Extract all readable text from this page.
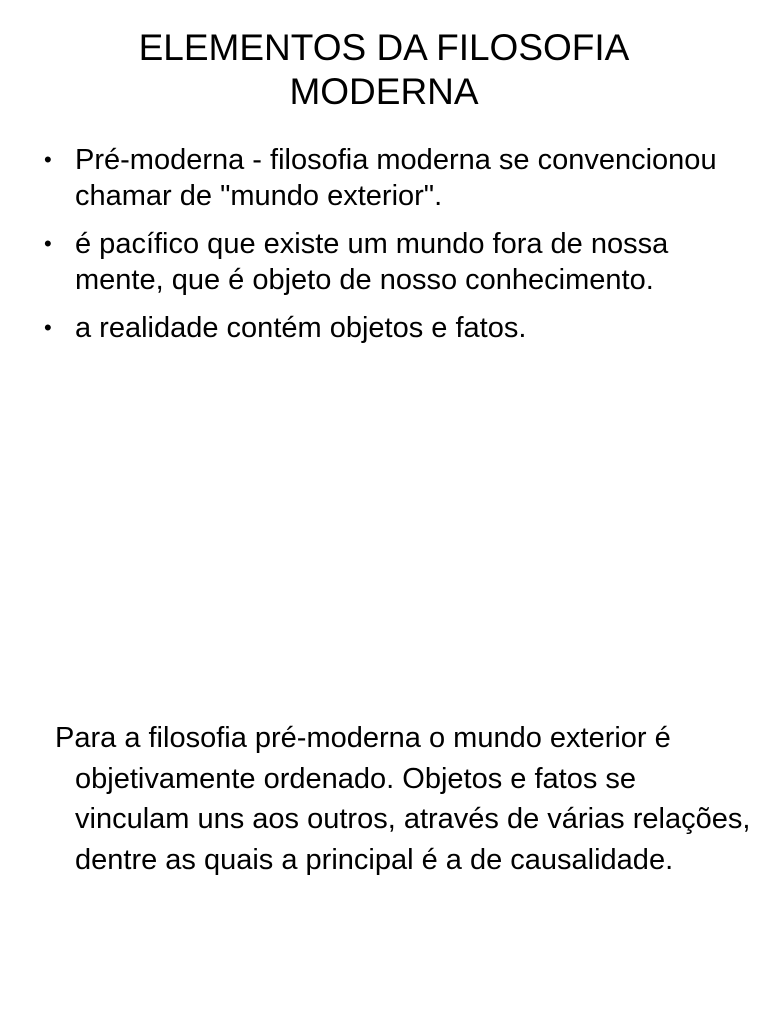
ELEMENTOS DA FILOSOFIA MODERNA
• Pré-moderna - filosofia moderna se convencionou chamar de "mundo exterior".
• é pacífico que existe um mundo fora de nossa mente, que é objeto de nosso conhecimento.
• a realidade contém objetos e fatos.

Para a filosofia pré-moderna o mundo exterior é objetivamente ordenado. Objetos e fatos se vinculam uns aos outros, através de várias relações, dentre as quais a principal é a de causalidade.
